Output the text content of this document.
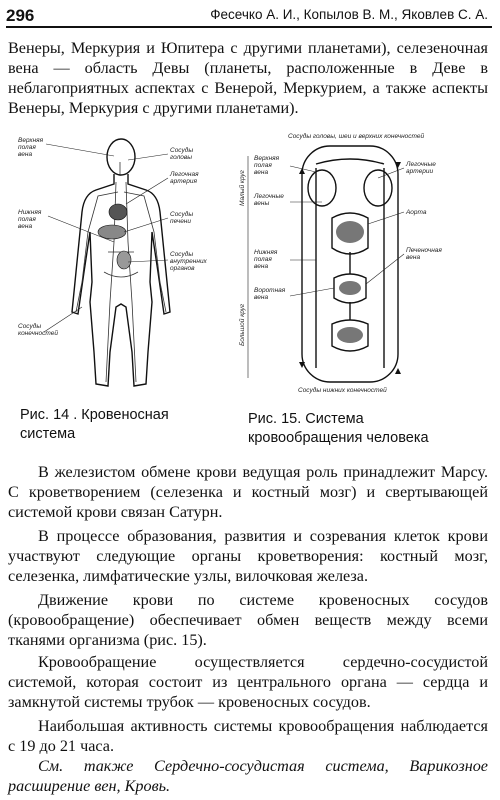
296	Фесечко А. И., Копылов В. М., Яковлев С. А.
Венеры, Меркурия и Юпитера с другими планетами), селезеночная вена — область Девы (планеты, расположенные в Деве в неблагоприятных аспектах с Венерой, Меркурием, а также аспекты Венеры, Меркурия с другими планетами).
Верхняя
полая
вена
Сосуды
головы
Легочная
артерия
Нижняя
полая
вена
Сосуды
печени
Сосуды
внутренних
органов
Сосуды
конечностей
Сосуды головы, шеи и верхних конечностей
Сосуды нижних конечностей
Малый круг
Большой круг
Верхняя
полая
вена
Легочные
вены
Нижняя
полая
вена
Воротная
вена
Легочные
артерии
Аорта
Печеночная
вена
Рис. 14 . Кровеносная система
Рис. 15. Система кровообращения человека
В железистом обмене крови ведущая роль принадлежит Марсу. С кроветворением (селезенка и костный мозг) и свертывающей системой крови связан Сатурн.
В процессе образования, развития и созревания клеток крови участвуют следующие органы кроветворения: костный мозг, селезенка, лимфатические узлы, вилочковая железа.
Движение крови по системе кровеносных сосудов (кровообращение) обеспечивает обмен веществ между всеми тканями организма (рис. 15).
Кровообращение осуществляется сердечно-сосудистой системой, которая состоит из центрального органа — сердца и замкнутой системы трубок — кровеносных сосудов.
Наибольшая активность системы кровообращения наблюдается с 19 до 21 часа.
См. также Сердечно-сосудистая система, Варикозное расширение вен, Кровь.
